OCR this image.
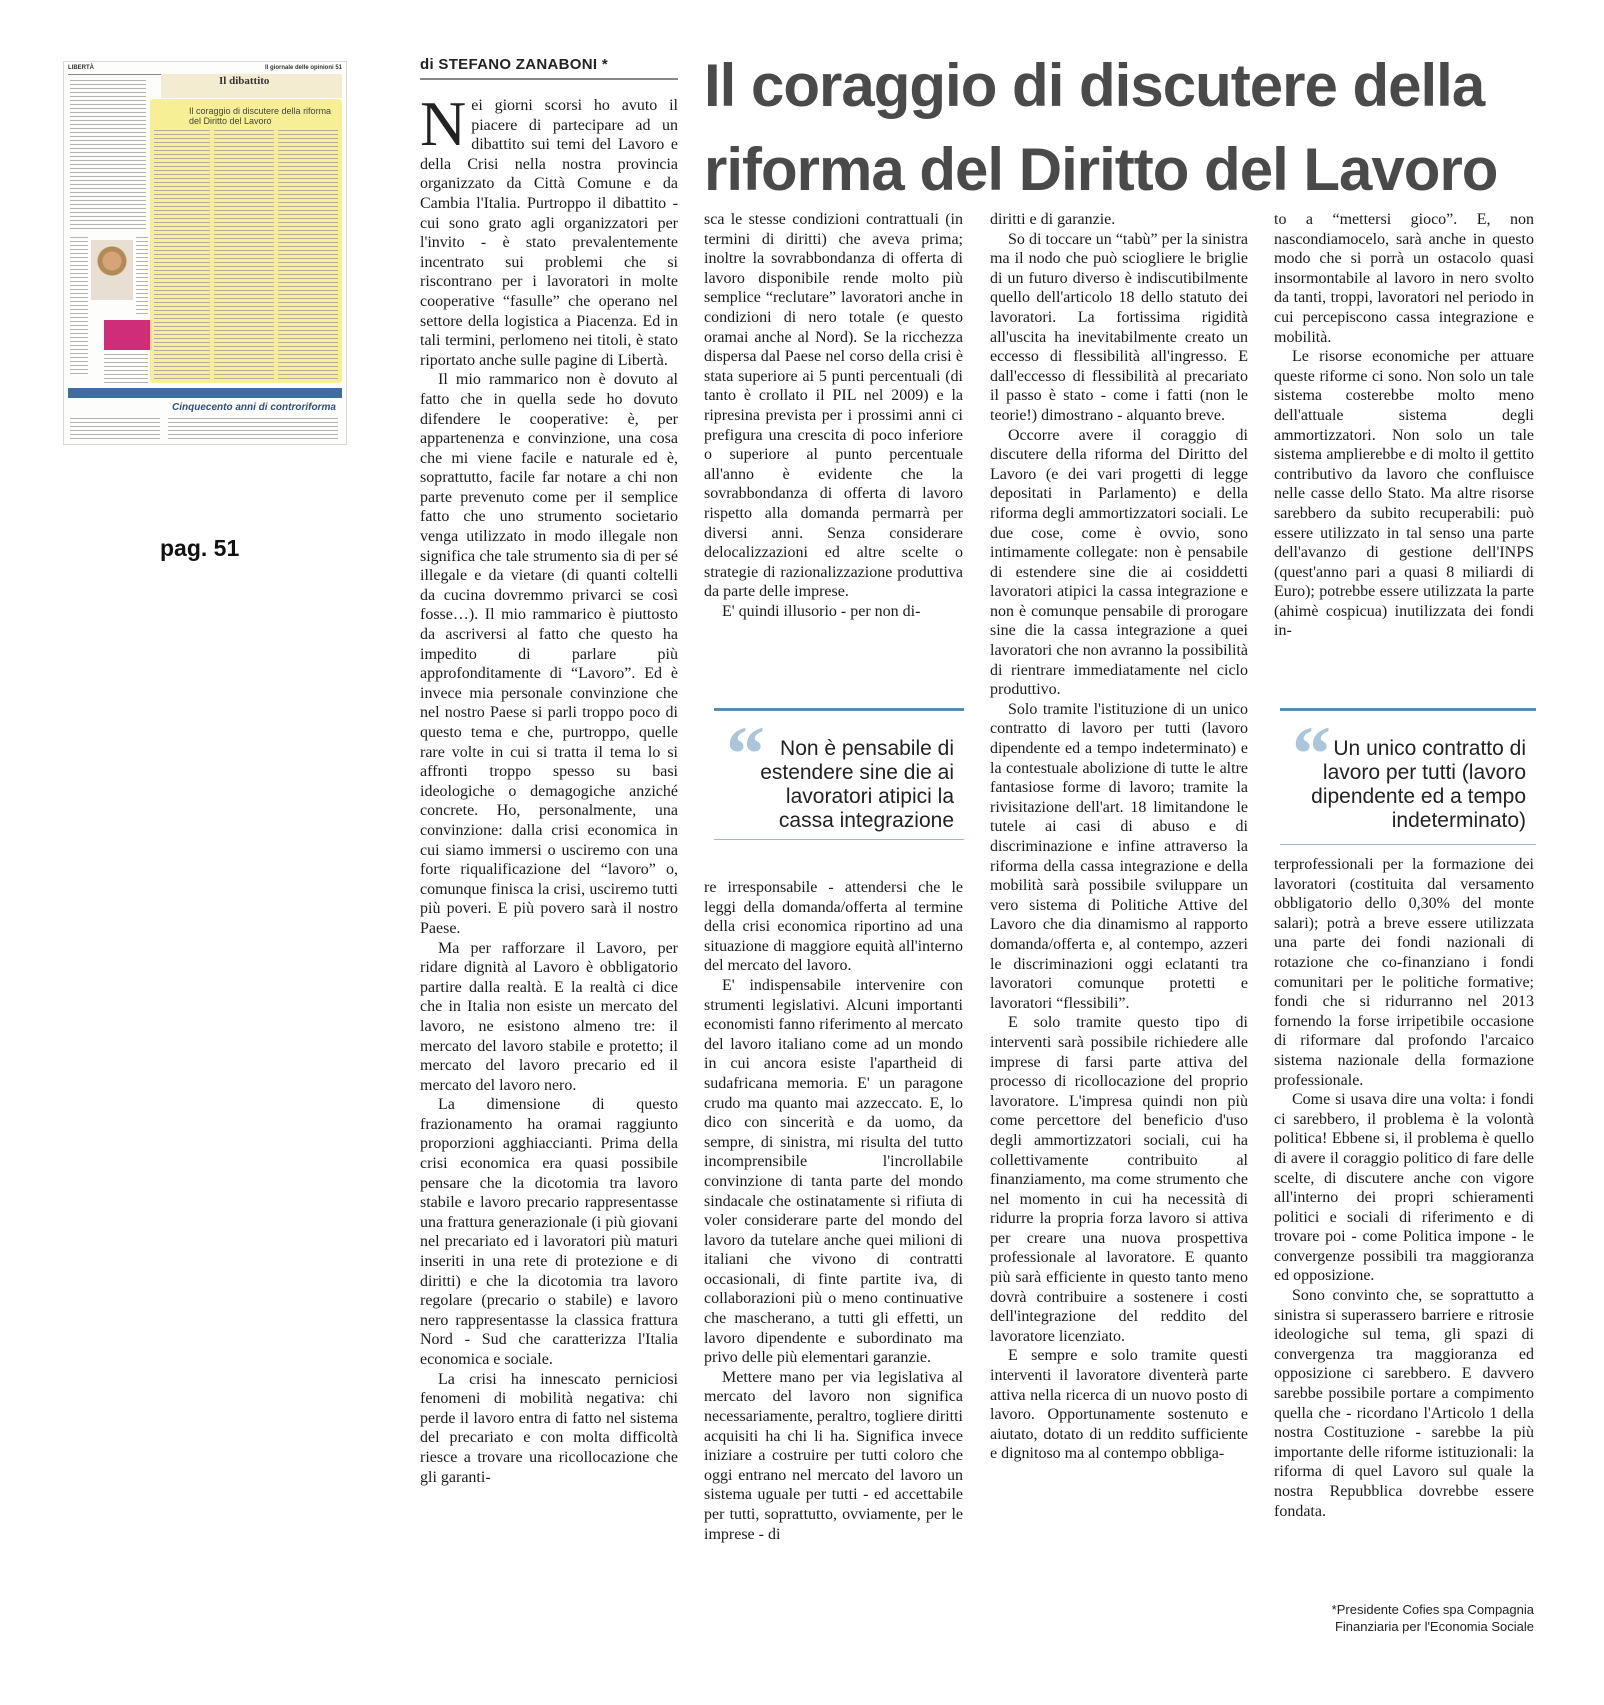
LIBERTÀ	Il giornale delle opinioni 51
Il dibattito
Il coraggio di discutere della riforma del Diritto del Lavoro
Cinquecento anni di controriforma
pag. 51
di STEFANO ZANABONI * Il coraggio di discutere della riforma del Diritto del Lavoro

Nei giorni scorsi ho avuto il piacere di partecipare ad un dibattito sui temi del Lavoro e della Crisi nella nostra provincia organizzato da Città Comune e da Cambia l'Italia. Purtroppo il dibattito - cui sono grato agli organizzatori per l'invito - è stato prevalentemente incentrato sui problemi che si riscontrano per i lavoratori in molte cooperative “fasulle” che operano nel settore della logistica a Piacenza. Ed in tali termini, perlomeno nei titoli, è stato riportato anche sulle pagine di Libertà.

Il mio rammarico non è dovuto al fatto che in quella sede ho dovuto difendere le cooperative: è, per appartenenza e convinzione, una cosa che mi viene facile e naturale ed è, soprattutto, facile far notare a chi non parte prevenuto come per il semplice fatto che uno strumento societario venga utilizzato in modo illegale non significa che tale strumento sia di per sé illegale e da vietare (di quanti coltelli da cucina dovremmo privarci se così fosse…). Il mio rammarico è piuttosto da ascriversi al fatto che questo ha impedito di parlare più approfonditamente di “Lavoro”. Ed è invece mia personale convinzione che nel nostro Paese si parli troppo poco di questo tema e che, purtroppo, quelle rare volte in cui si tratta il tema lo si affronti troppo spesso su basi ideologiche o demagogiche anziché concrete. Ho, personalmente, una convinzione: dalla crisi economica in cui siamo immersi o usciremo con una forte riqualificazione del “lavoro” o, comunque finisca la crisi, usciremo tutti più poveri. E più povero sarà il nostro Paese.

Ma per rafforzare il Lavoro, per ridare dignità al Lavoro è obbligatorio partire dalla realtà. E la realtà ci dice che in Italia non esiste un mercato del lavoro, ne esistono almeno tre: il mercato del lavoro stabile e protetto; il mercato del lavoro precario ed il mercato del lavoro nero.

La dimensione di questo frazionamento ha oramai raggiunto proporzioni agghiaccianti. Prima della crisi economica era quasi possibile pensare che la dicotomia tra lavoro stabile e lavoro precario rappresentasse una frattura generazionale (i più giovani nel precariato ed i lavoratori più maturi inseriti in una rete di protezione e di diritti) e che la dicotomia tra lavoro regolare (precario o stabile) e lavoro nero rappresentasse la classica frattura Nord - Sud che caratterizza l'Italia economica e sociale.

La crisi ha innescato perniciosi fenomeni di mobilità negativa: chi perde il lavoro entra di fatto nel sistema del precariato e con molta difficoltà riesce a trovare una ricollocazione che gli garanti-

sca le stesse condizioni contrattuali (in termini di diritti) che aveva prima; inoltre la sovrabbondanza di offerta di lavoro disponibile rende molto più semplice “reclutare” lavoratori anche in condizioni di nero totale (e questo oramai anche al Nord). Se la ricchezza dispersa dal Paese nel corso della crisi è stata superiore ai 5 punti percentuali (di tanto è crollato il PIL nel 2009) e la ripresina prevista per i prossimi anni ci prefigura una crescita di poco inferiore o superiore al punto percentuale all'anno è evidente che la sovrabbondanza di offerta di lavoro rispetto alla domanda permarrà per diversi anni. Senza considerare delocalizzazioni ed altre scelte o strategie di razionalizzazione produttiva da parte delle imprese.

E' quindi illusorio - per non di-

“ Non è pensabile di estendere sine die ai lavoratori atipici la cassa integrazione

re irresponsabile - attendersi che le leggi della domanda/offerta al termine della crisi economica riportino ad una situazione di maggiore equità all'interno del mercato del lavoro.

E' indispensabile intervenire con strumenti legislativi. Alcuni importanti economisti fanno riferimento al mercato del lavoro italiano come ad un mondo in cui ancora esiste l'apartheid di sudafricana memoria. E' un paragone crudo ma quanto mai azzeccato. E, lo dico con sincerità e da uomo, da sempre, di sinistra, mi risulta del tutto incomprensibile l'incrollabile convinzione di tanta parte del mondo sindacale che ostinatamente si rifiuta di voler considerare parte del mondo del lavoro da tutelare anche quei milioni di italiani che vivono di contratti occasionali, di finte partite iva, di collaborazioni più o meno continuative che mascherano, a tutti gli effetti, un lavoro dipendente e subordinato ma privo delle più elementari garanzie.

Mettere mano per via legislativa al mercato del lavoro non significa necessariamente, peraltro, togliere diritti acquisiti ha chi li ha. Significa invece iniziare a costruire per tutti coloro che oggi entrano nel mercato del lavoro un sistema uguale per tutti - ed accettabile per tutti, soprattutto, ovviamente, per le imprese - di

diritti e di garanzie.

So di toccare un “tabù” per la sinistra ma il nodo che può sciogliere le briglie di un futuro diverso è indiscutibilmente quello dell'articolo 18 dello statuto dei lavoratori. La fortissima rigidità all'uscita ha inevitabilmente creato un eccesso di flessibilità all'ingresso. E dall'eccesso di flessibilità al precariato il passo è stato - come i fatti (non le teorie!) dimostrano - alquanto breve.

Occorre avere il coraggio di discutere della riforma del Diritto del Lavoro (e dei vari progetti di legge depositati in Parlamento) e della riforma degli ammortizzatori sociali. Le due cose, come è ovvio, sono intimamente collegate: non è pensabile di estendere sine die ai cosiddetti lavoratori atipici la cassa integrazione e non è comunque pensabile di prorogare sine die la cassa integrazione a quei lavoratori che non avranno la possibilità di rientrare immediatamente nel ciclo produttivo.

Solo tramite l'istituzione di un unico contratto di lavoro per tutti (lavoro dipendente ed a tempo indeterminato) e la contestuale abolizione di tutte le altre fantasiose forme di lavoro; tramite la rivisitazione dell'art. 18 limitandone le tutele ai casi di abuso e di discriminazione e infine attraverso la riforma della cassa integrazione e della mobilità sarà possibile sviluppare un vero sistema di Politiche Attive del Lavoro che dia dinamismo al rapporto domanda/offerta e, al contempo, azzeri le discriminazioni oggi eclatanti tra lavoratori comunque protetti e lavoratori “flessibili”.

E solo tramite questo tipo di interventi sarà possibile richiedere alle imprese di farsi parte attiva del processo di ricollocazione del proprio lavoratore. L'impresa quindi non più come percettore del beneficio d'uso degli ammortizzatori sociali, cui ha collettivamente contribuito al finanziamento, ma come strumento che nel momento in cui ha necessità di ridurre la propria forza lavoro si attiva per creare una nuova prospettiva professionale al lavoratore. E quanto più sarà efficiente in questo tanto meno dovrà contribuire a sostenere i costi dell'integrazione del reddito del lavoratore licenziato.

E sempre e solo tramite questi interventi il lavoratore diventerà parte attiva nella ricerca di un nuovo posto di lavoro. Opportunamente sostenuto e aiutato, dotato di un reddito sufficiente e dignitoso ma al contempo obbliga-

to a “mettersi gioco”. E, non nascondiamocelo, sarà anche in questo modo che si porrà un ostacolo quasi insormontabile al lavoro in nero svolto da tanti, troppi, lavoratori nel periodo in cui percepiscono cassa integrazione e mobilità.

Le risorse economiche per attuare queste riforme ci sono. Non solo un tale sistema costerebbe molto meno dell'attuale sistema degli ammortizzatori. Non solo un tale sistema amplierebbe e di molto il gettito contributivo da lavoro che confluisce nelle casse dello Stato. Ma altre risorse sarebbero da subito recuperabili: può essere utilizzato in tal senso una parte dell'avanzo di gestione dell'INPS (quest'anno pari a quasi 8 miliardi di Euro); potrebbe essere utilizzata la parte (ahimè cospicua) inutilizzata dei fondi in-

“ Un unico contratto di lavoro per tutti (lavoro dipendente ed a tempo indeterminato)

terprofessionali per la formazione dei lavoratori (costituita dal versamento obbligatorio dello 0,30% del monte salari); potrà a breve essere utilizzata una parte dei fondi nazionali di rotazione che co-finanziano i fondi comunitari per le politiche formative; fondi che si ridurranno nel 2013 fornendo la forse irripetibile occasione di riformare dal profondo l'arcaico sistema nazionale della formazione professionale.

Come si usava dire una volta: i fondi ci sarebbero, il problema è la volontà politica! Ebbene si, il problema è quello di avere il coraggio politico di fare delle scelte, di discutere anche con vigore all'interno dei propri schieramenti politici e sociali di riferimento e di trovare poi - come Politica impone - le convergenze possibili tra maggioranza ed opposizione.

Sono convinto che, se soprattutto a sinistra si superassero barriere e ritrosie ideologiche sul tema, gli spazi di convergenza tra maggioranza ed opposizione ci sarebbero. E davvero sarebbe possibile portare a compimento quella che - ricordano l'Articolo 1 della nostra Costituzione - sarebbe la più importante delle riforme istituzionali: la riforma di quel Lavoro sul quale la nostra Repubblica dovrebbe essere fondata.

*Presidente Cofies spa Compagnia Finanziaria per l'Economia Sociale
